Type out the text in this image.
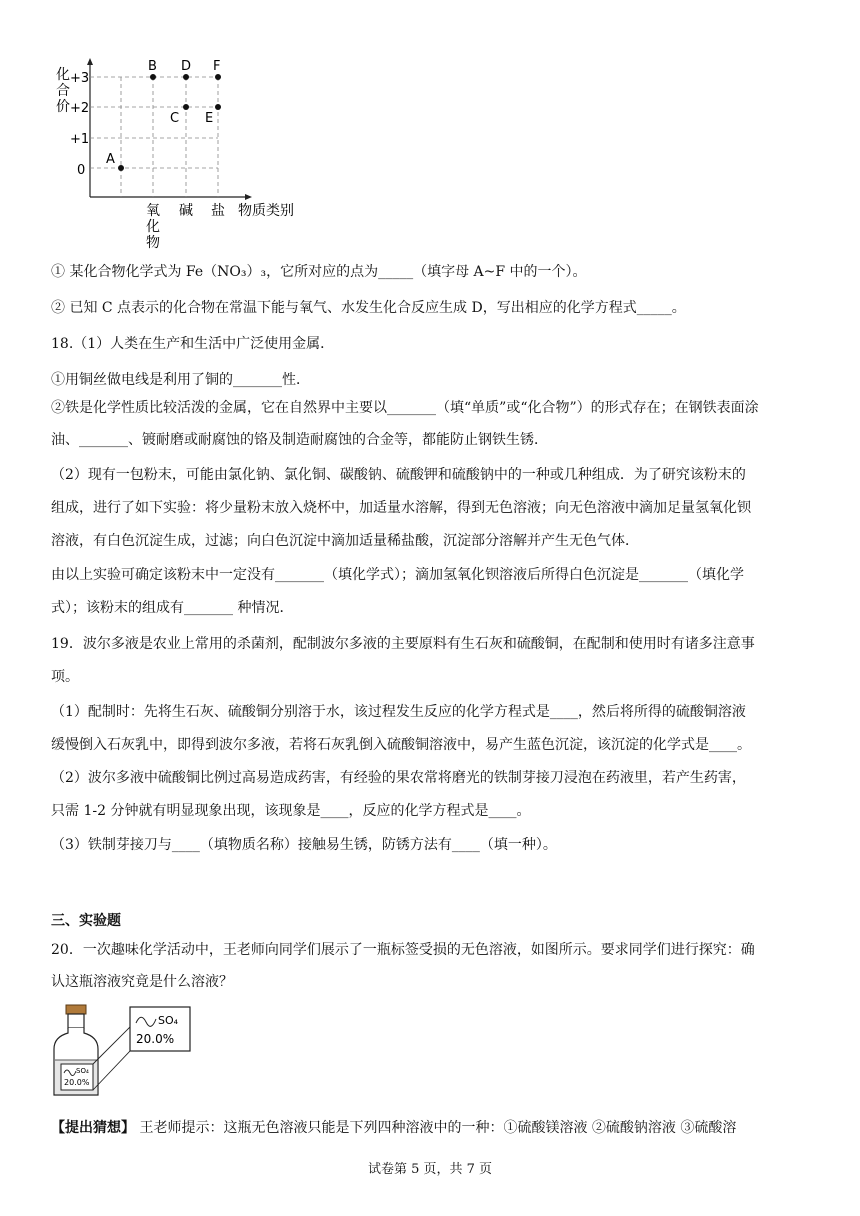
化
合
价
+3
+2
+1
0
A
B
C
D
E
F
氧
化
物
碱 盐 物质类别
① 某化合物化学式为 Fe（NO₃）₃，它所对应的点为_____（填字母 A~F 中的一个）。
② 已知 C 点表示的化合物在常温下能与氧气、水发生化合反应生成 D，写出相应的化学方程式_____。
18.（1）人类在生产和生活中广泛使用金属．
①用铜丝做电线是利用了铜的_______性．
②铁是化学性质比较活泼的金属，它在自然界中主要以_______（填“单质”或“化合物”）的形式存在；在钢铁表面涂
油、_______、镀耐磨或耐腐蚀的铬及制造耐腐蚀的合金等，都能防止钢铁生锈．
（2）现有一包粉末，可能由氯化钠、氯化铜、碳酸钠、硫酸钾和硫酸钠中的一种或几种组成．为了研究该粉末的
组成，进行了如下实验：将少量粉末放入烧杯中，加适量水溶解，得到无色溶液；向无色溶液中滴加足量氢氧化钡
溶液，有白色沉淀生成，过滤；向白色沉淀中滴加适量稀盐酸，沉淀部分溶解并产生无色气体．
由以上实验可确定该粉末中一定没有_______（填化学式）；滴加氢氧化钡溶液后所得白色沉淀是_______（填化学
式）；该粉末的组成有_______ 种情况．
19．波尔多液是农业上常用的杀菌剂，配制波尔多液的主要原料有生石灰和硫酸铜，在配制和使用时有诸多注意事
项。
（1）配制时：先将生石灰、硫酸铜分别溶于水，该过程发生反应的化学方程式是____，然后将所得的硫酸铜溶液
缓慢倒入石灰乳中，即得到波尔多液，若将石灰乳倒入硫酸铜溶液中，易产生蓝色沉淀，该沉淀的化学式是____。
（2）波尔多液中硫酸铜比例过高易造成药害，有经验的果农常将磨光的铁制芽接刀浸泡在药液里，若产生药害，
只需 1-2 分钟就有明显现象出现，该现象是____，反应的化学方程式是____。
（3）铁制芽接刀与____（填物质名称）接触易生锈，防锈方法有____（填一种）。
三、实验题
20．一次趣味化学活动中，王老师向同学们展示了一瓶标签受损的无色溶液，如图所示。要求同学们进行探究：确
认这瓶溶液究竟是什么溶液？
SO₄
20.0%
SO₄
20.0%
【提出猜想】 王老师提示：这瓶无色溶液只能是下列四种溶液中的一种：①硫酸镁溶液 ②硫酸钠溶液 ③硫酸溶
试卷第 5 页，共 7 页
